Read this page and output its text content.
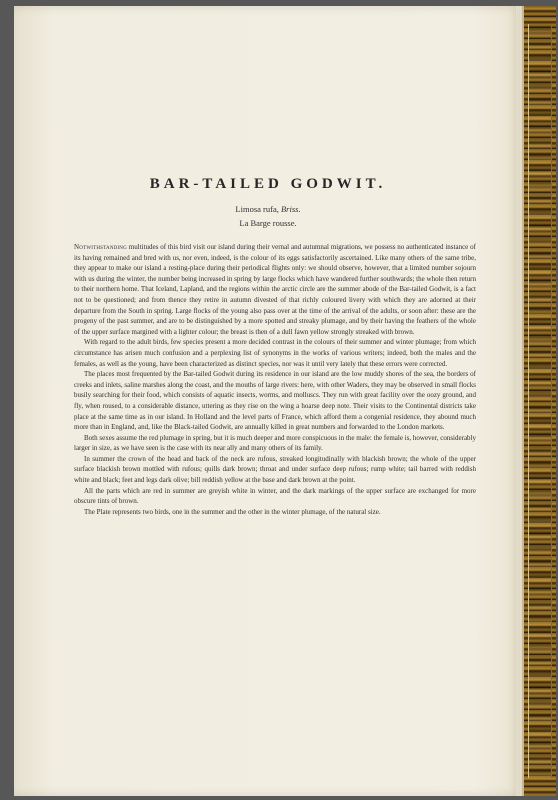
BAR-TAILED GODWIT.
Limosa rufa, Briss.
La Barge rousse.

Notwithstanding multitudes of this bird visit our island during their vernal and autumnal migrations, we possess no authenticated instance of its having remained and bred with us, nor even, indeed, is the colour of its eggs satisfactorily ascertained. Like many others of the same tribe, they appear to make our island a resting-place during their periodical flights only: we should observe, however, that a limited number sojourn with us during the winter, the number being increased in spring by large flocks which have wandered further southwards; the whole then return to their northern home. That Iceland, Lapland, and the regions within the arctic circle are the summer abode of the Bar-tailed Godwit, is a fact not to be questioned; and from thence they retire in autumn divested of that richly coloured livery with which they are adorned at their departure from the South in spring. Large flocks of the young also pass over at the time of the arrival of the adults, or soon after: these are the progeny of the past summer, and are to be distinguished by a more spotted and streaky plumage, and by their having the feathers of the whole of the upper surface margined with a lighter colour; the breast is then of a dull fawn yellow strongly streaked with brown.

With regard to the adult birds, few species present a more decided contrast in the colours of their summer and winter plumage; from which circumstance has arisen much confusion and a perplexing list of synonyms in the works of various writers; indeed, both the males and the females, as well as the young, have been characterized as distinct species, nor was it until very lately that these errors were corrected.

The places most frequented by the Bar-tailed Godwit during its residence in our island are the low muddy shores of the sea, the borders of creeks and inlets, saline marshes along the coast, and the mouths of large rivers: here, with other Waders, they may be observed in small flocks busily searching for their food, which consists of aquatic insects, worms, and molluscs. They run with great facility over the oozy ground, and fly, when roused, to a considerable distance, uttering as they rise on the wing a hoarse deep note. Their visits to the Continental districts take place at the same time as in our island. In Holland and the level parts of France, which afford them a congenial residence, they abound much more than in England, and, like the Black-tailed Godwit, are annually killed in great numbers and forwarded to the London markets.

Both sexes assume the red plumage in spring, but it is much deeper and more conspicuous in the male: the female is, however, considerably larger in size, as we have seen is the case with its near ally and many others of its family.

In summer the crown of the head and back of the neck are rufous, streaked longitudinally with blackish brown; the whole of the upper surface blackish brown mottled with rufous; quills dark brown; throat and under surface deep rufous; rump white; tail barred with reddish white and black; feet and legs dark olive; bill reddish yellow at the base and dark brown at the point.

All the parts which are red in summer are greyish white in winter, and the dark markings of the upper surface are exchanged for more obscure tints of brown.

The Plate represents two birds, one in the summer and the other in the winter plumage, of the natural size.
